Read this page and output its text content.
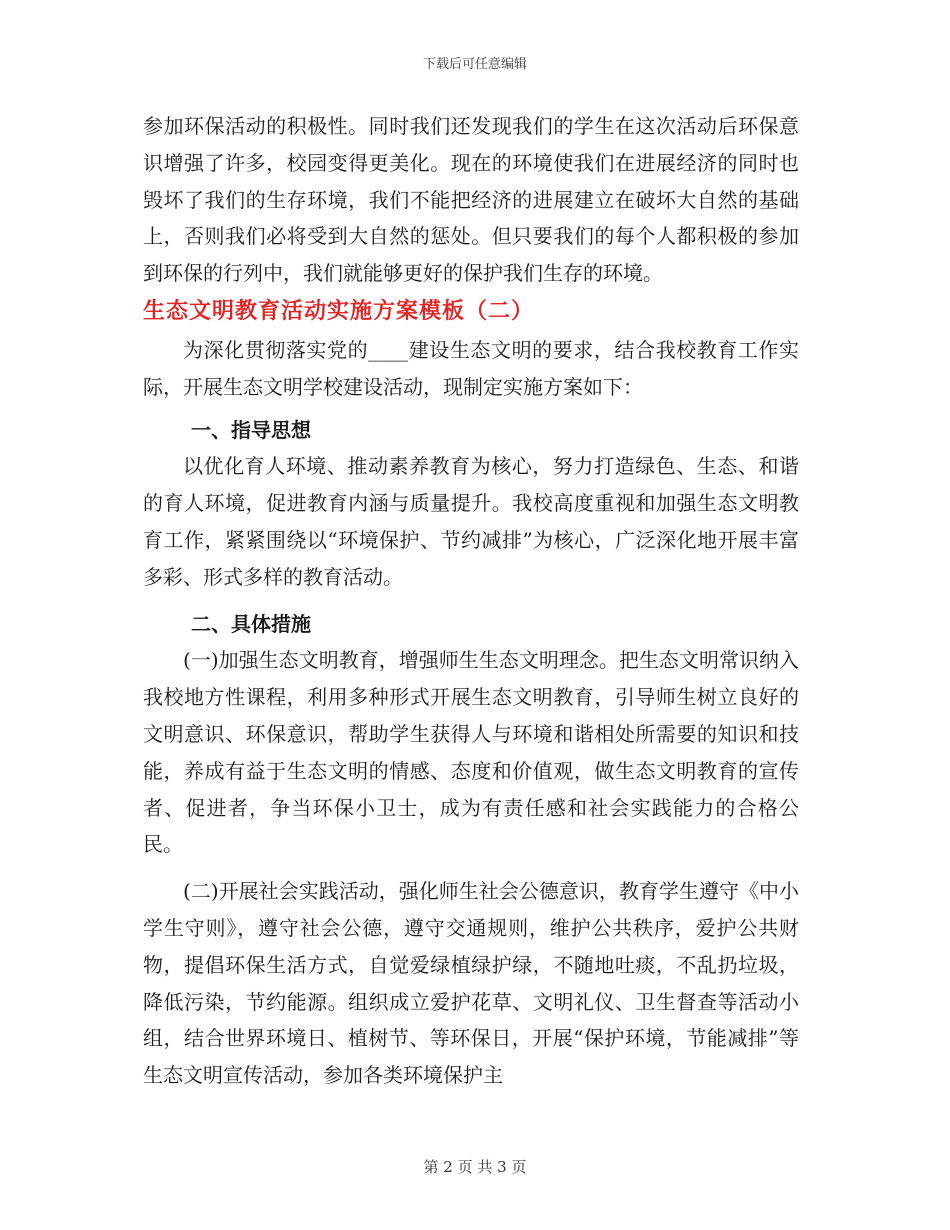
下载后可任意编辑

参加环保活动的积极性。同时我们还发现我们的学生在这次活动后环保意识增强了许多，校园变得更美化。现在的环境使我们在进展经济的同时也毁坏了我们的生存环境，我们不能把经济的进展建立在破坏大自然的基础上，否则我们必将受到大自然的惩处。但只要我们的每个人都积极的参加到环保的行列中，我们就能够更好的保护我们生存的环境。

生态文明教育活动实施方案模板（二）

为深化贯彻落实党的____建设生态文明的要求，结合我校教育工作实际，开展生态文明学校建设活动，现制定实施方案如下：

一、指导思想

以优化育人环境、推动素养教育为核心，努力打造绿色、生态、和谐的育人环境，促进教育内涵与质量提升。我校高度重视和加强生态文明教育工作，紧紧围绕以“环境保护、节约减排”为核心，广泛深化地开展丰富多彩、形式多样的教育活动。

二、具体措施

(一)加强生态文明教育，增强师生生态文明理念。把生态文明常识纳入我校地方性课程，利用多种形式开展生态文明教育，引导师生树立良好的文明意识、环保意识，帮助学生获得人与环境和谐相处所需要的知识和技能，养成有益于生态文明的情感、态度和价值观，做生态文明教育的宣传者、促进者，争当环保小卫士，成为有责任感和社会实践能力的合格公民。

(二)开展社会实践活动，强化师生社会公德意识，教育学生遵守《中小学生守则》，遵守社会公德，遵守交通规则，维护公共秩序，爱护公共财物，提倡环保生活方式，自觉爱绿植绿护绿，不随地吐痰，不乱扔垃圾，降低污染，节约能源。组织成立爱护花草、文明礼仪、卫生督查等活动小组，结合世界环境日、植树节、等环保日，开展“保护环境，节能减排”等生态文明宣传活动，参加各类环境保护主

第 2 页 共 3 页
